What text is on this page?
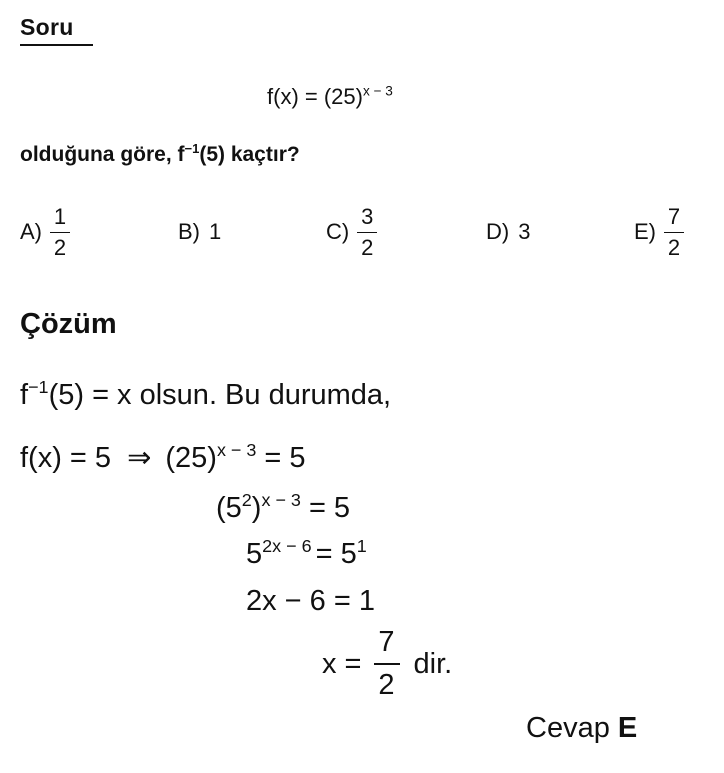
Soru
$f(x) = (25)^{x - 3}$
olduğuna göre, $f^{-1}(5)$ kaçtır?
$A) \frac{1}{2}$	B) 1	$C) \frac{3}{2}$	D) 3	$E) \frac{7}{2}$
Çözüm
$f^{-1}(5) = x$ olsun. Bu durumda,
f(x) = 5 ⇒ $(25)^{x - 3} = 5$
$(5^2)^{x - 3} = 5$
$5^{2x - 6} = 5^1$
2x − 6 = 1
$x = \frac{7}{2}$ dir.
Cevap E
